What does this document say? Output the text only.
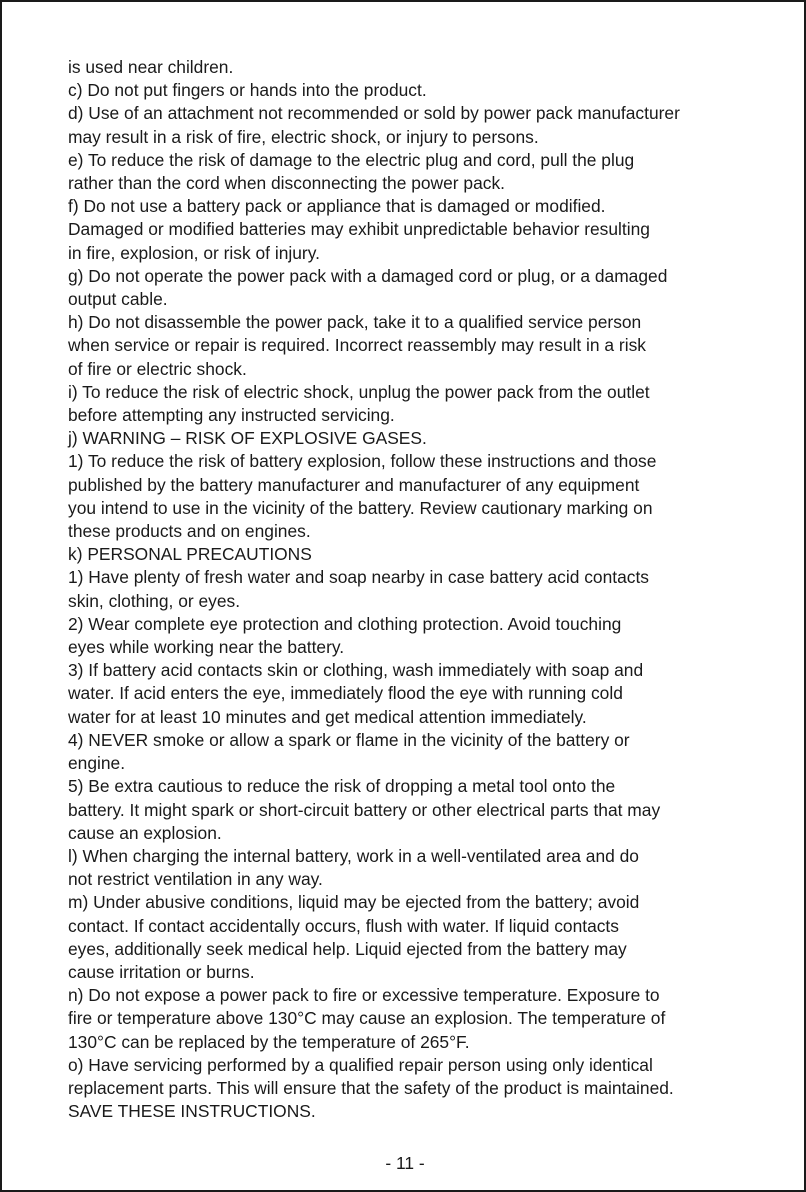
is used near children.
c) Do not put fingers or hands into the product.
d) Use of an attachment not recommended or sold by power pack manufacturer
may result in a risk of fire, electric shock, or injury to persons.
e) To reduce the risk of damage to the electric plug and cord, pull the plug
rather than the cord when disconnecting the power pack.
f) Do not use a battery pack or appliance that is damaged or modified.
Damaged or modified batteries may exhibit unpredictable behavior resulting
in fire, explosion, or risk of injury.
g) Do not operate the power pack with a damaged cord or plug, or a damaged
output cable.
h) Do not disassemble the power pack, take it to a qualified service person
when service or repair is required. Incorrect reassembly may result in a risk
of fire or electric shock.
i) To reduce the risk of electric shock, unplug the power pack from the outlet
before attempting any instructed servicing.
j) WARNING – RISK OF EXPLOSIVE GASES.
1) To reduce the risk of battery explosion, follow these instructions and those
published by the battery manufacturer and manufacturer of any equipment
you intend to use in the vicinity of the battery. Review cautionary marking on
these products and on engines.
k) PERSONAL PRECAUTIONS
1) Have plenty of fresh water and soap nearby in case battery acid contacts
skin, clothing, or eyes.
2) Wear complete eye protection and clothing protection. Avoid touching
eyes while working near the battery.
3) If battery acid contacts skin or clothing, wash immediately with soap and
water. If acid enters the eye, immediately flood the eye with running cold
water for at least 10 minutes and get medical attention immediately.
4) NEVER smoke or allow a spark or flame in the vicinity of the battery or
engine.
5) Be extra cautious to reduce the risk of dropping a metal tool onto the
battery. It might spark or short-circuit battery or other electrical parts that may
cause an explosion.
l) When charging the internal battery, work in a well-ventilated area and do
not restrict ventilation in any way.
m) Under abusive conditions, liquid may be ejected from the battery; avoid
contact. If contact accidentally occurs, flush with water. If liquid contacts
eyes, additionally seek medical help. Liquid ejected from the battery may
cause irritation or burns.
n) Do not expose a power pack to fire or excessive temperature. Exposure to
fire or temperature above 130°C may cause an explosion. The temperature of
130°C can be replaced by the temperature of 265°F.
o) Have servicing performed by a qualified repair person using only identical
replacement parts. This will ensure that the safety of the product is maintained.
SAVE THESE INSTRUCTIONS.
- 11 -
